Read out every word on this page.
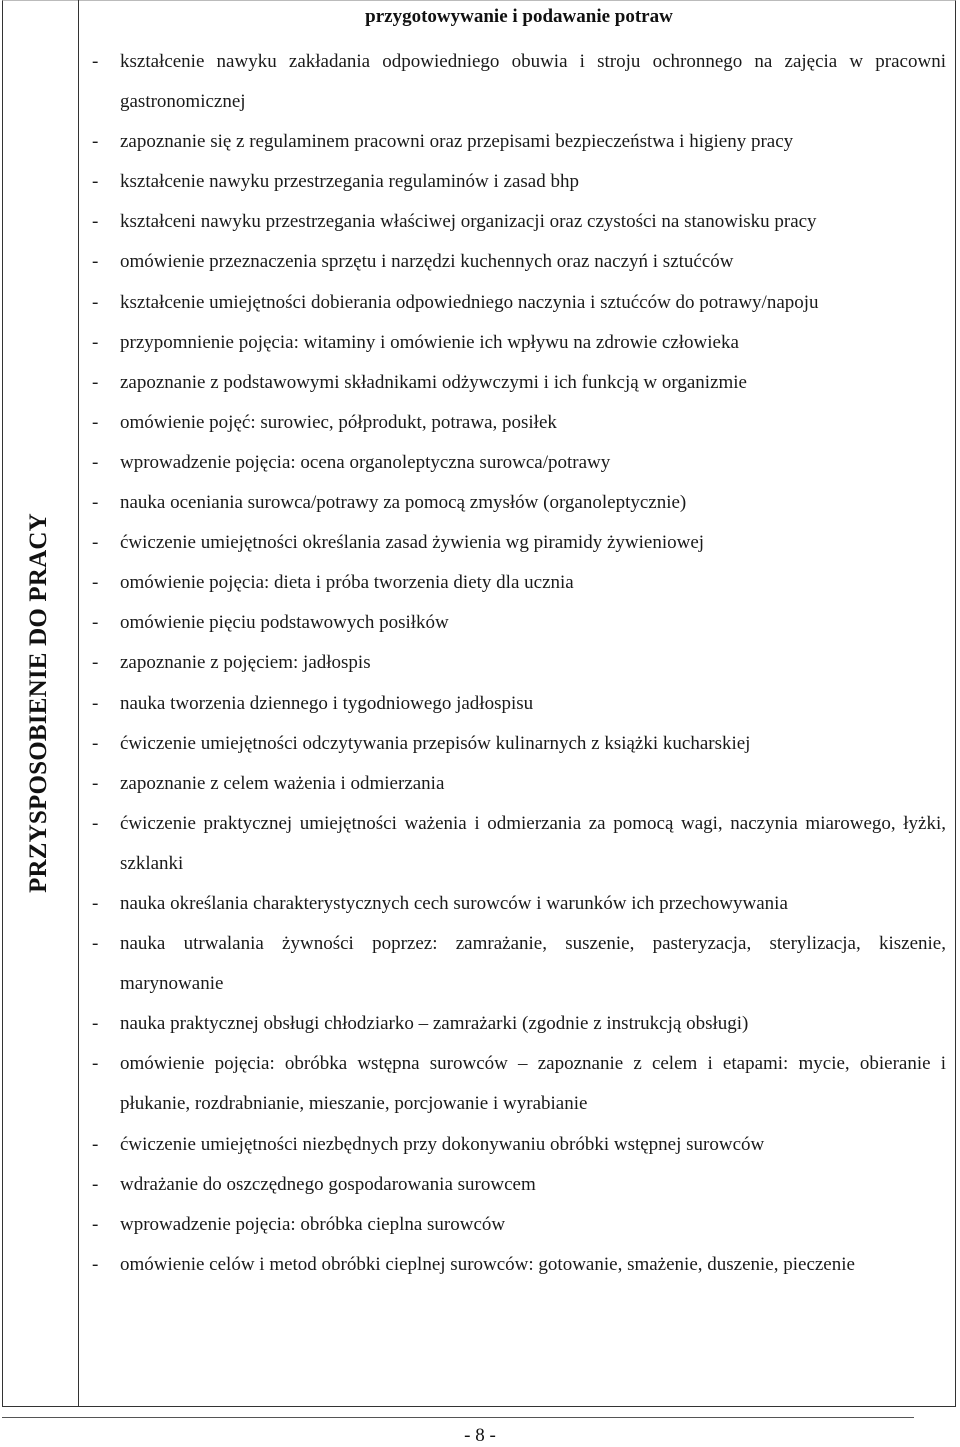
PRZYSPOSOBIENIE DO PRACY
przygotowywanie i podawanie potraw
- kształcenie nawyku zakładania odpowiedniego obuwia i stroju ochronnego na zajęcia w pracowni gastronomicznej
- zapoznanie się z regulaminem pracowni oraz przepisami bezpieczeństwa i higieny pracy
- kształcenie nawyku przestrzegania regulaminów i zasad bhp
- kształceni nawyku przestrzegania właściwej organizacji oraz czystości na stanowisku pracy
- omówienie przeznaczenia sprzętu i narzędzi kuchennych oraz naczyń i sztućców
- kształcenie umiejętności dobierania odpowiedniego naczynia i sztućców do potrawy/napoju
- przypomnienie pojęcia: witaminy i omówienie ich wpływu na zdrowie człowieka
- zapoznanie z podstawowymi składnikami odżywczymi i ich funkcją w organizmie
- omówienie pojęć: surowiec, półprodukt, potrawa, posiłek
- wprowadzenie pojęcia: ocena organoleptyczna surowca/potrawy
- nauka oceniania surowca/potrawy za pomocą zmysłów (organoleptycznie)
- ćwiczenie umiejętności określania zasad żywienia wg piramidy żywieniowej
- omówienie pojęcia: dieta i próba tworzenia diety dla ucznia
- omówienie pięciu podstawowych posiłków
- zapoznanie z pojęciem: jadłospis
- nauka tworzenia dziennego i tygodniowego jadłospisu
- ćwiczenie umiejętności odczytywania przepisów kulinarnych z książki kucharskiej
- zapoznanie z celem ważenia i odmierzania
- ćwiczenie praktycznej umiejętności ważenia i odmierzania za pomocą wagi, naczynia miarowego, łyżki, szklanki
- nauka określania charakterystycznych cech surowców i warunków ich przechowywania
- nauka utrwalania żywności poprzez: zamrażanie, suszenie, pasteryzacja, sterylizacja, kiszenie, marynowanie
- nauka praktycznej obsługi chłodziarko – zamrażarki (zgodnie z instrukcją obsługi)
- omówienie pojęcia: obróbka wstępna surowców – zapoznanie z celem i etapami: mycie, obieranie i płukanie, rozdrabnianie, mieszanie, porcjowanie i wyrabianie
- ćwiczenie umiejętności niezbędnych przy dokonywaniu obróbki wstępnej surowców
- wdrażanie do oszczędnego gospodarowania surowcem
- wprowadzenie pojęcia: obróbka cieplna surowców
- omówienie celów i metod obróbki cieplnej surowców: gotowanie, smażenie, duszenie, pieczenie
- 8 -
